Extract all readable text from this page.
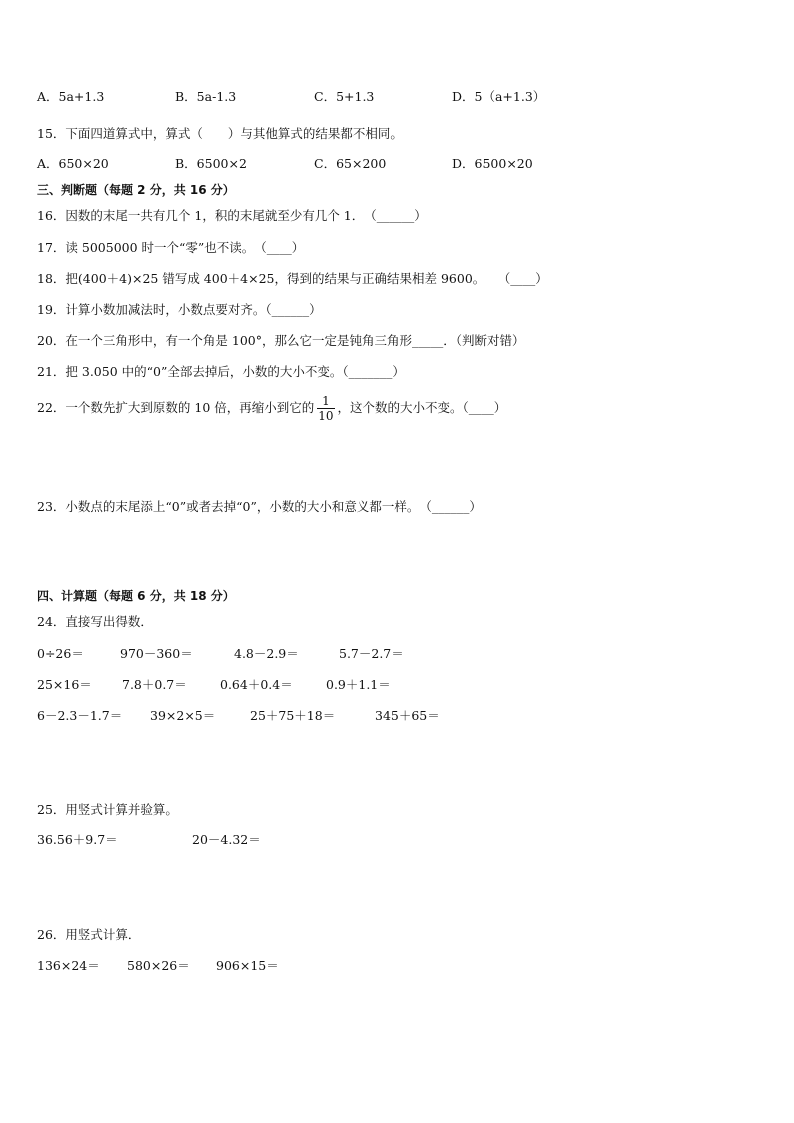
A．5a+1.3	B．5a-1.3	C．5+1.3	D．5（a+1.3）
15．下面四道算式中，算式（　　）与其他算式的结果都不相同。
A．650×20	B．6500×2	C．65×200	D．6500×20
三、判断题（每题 2 分，共 16 分）
16．因数的末尾一共有几个 1，积的末尾就至少有几个 1．　（______）
17．读 5005000 时一个“零”也不读。　（____）
18．把(400＋4)×25 错写成 400＋4×25，得到的结果与正确结果相差 9600。　　（____）
19．计算小数加减法时，小数点要对齐。（______）
20．在一个三角形中，有一个角是 100°，那么它一定是钝角三角形_____．（判断对错）
21．把 3.050 中的“0”全部去掉后，小数的大小不变。（_______）
22．一个数先扩大到原数的 10 倍，再缩小到它的 $\frac{1}{10}$ ，这个数的大小不变。（____）
23．小数点的末尾添上“0”或者去掉“0”，小数的大小和意义都一样。　（______）
四、计算题（每题 6 分，共 18 分）
24．直接写出得数．
0÷26＝	970－360＝	4.8－2.9＝	5.7－2.7＝
25×16＝ 7.8＋0.7＝	0.64＋0.4＝	0.9＋1.1＝
6－2.3－1.7＝ 39×2×5＝	25＋75＋18＝	345＋65＝
25．用竖式计算并验算。
36.56＋9.7＝	20－4.32＝
26．用竖式计算．
136×24＝ 580×26＝ 906×15＝
